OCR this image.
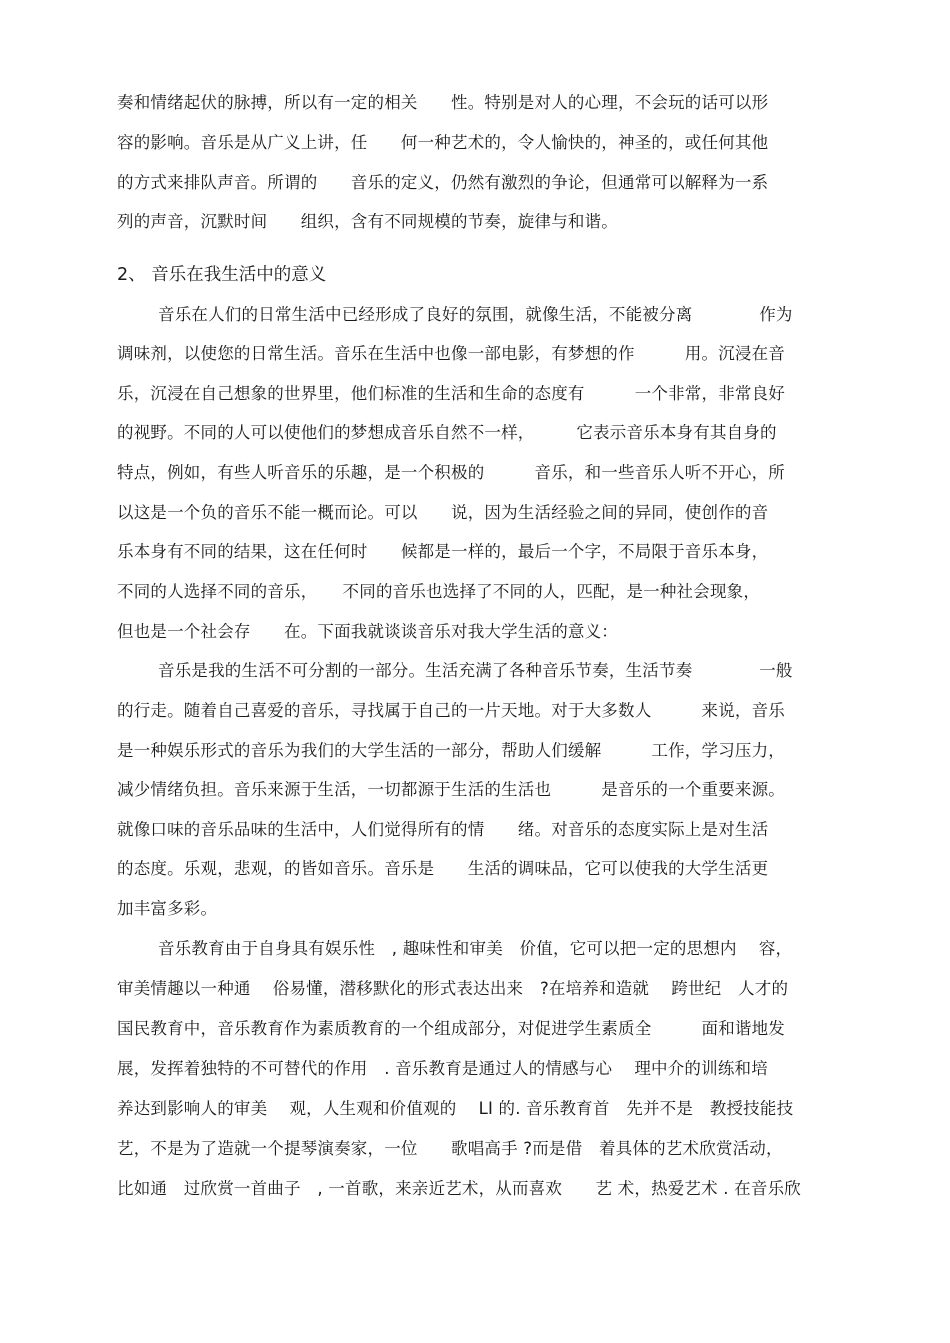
奏和情绪起伏的脉搏，所以有一定的相关　　性。特别是对人的心理，不会玩的话可以形
容的影响。音乐是从广义上讲，任　　何一种艺术的，令人愉快的，神圣的，或任何其他
的方式来排队声音。所谓的　　音乐的定义，仍然有激烈的争论，但通常可以解释为一系
列的声音，沉默时间　　组织，含有不同规模的节奏，旋律与和谐。
2、 音乐在我生活中的意义
音乐在人们的日常生活中已经形成了良好的氛围，就像生活，不能被分离　　　　作为
调味剂，以使您的日常生活。音乐在生活中也像一部电影，有梦想的作　　　用。沉浸在音
乐，沉浸在自己想象的世界里，他们标准的生活和生命的态度有　　　一个非常，非常良好
的视野。不同的人可以使他们的梦想成音乐自然不一样，　　　它表示音乐本身有其自身的
特点，例如，有些人听音乐的乐趣，是一个积极的　　　音乐，和一些音乐人听不开心，所
以这是一个负的音乐不能一概而论。可以　　说，因为生活经验之间的异同，使创作的音
乐本身有不同的结果，这在任何时　　候都是一样的，最后一个字，不局限于音乐本身，
不同的人选择不同的音乐，　　不同的音乐也选择了不同的人，匹配，是一种社会现象，
但也是一个社会存　　在。下面我就谈谈音乐对我大学生活的意义：
音乐是我的生活不可分割的一部分。生活充满了各种音乐节奏，生活节奏　　　　一般
的行走。随着自己喜爱的音乐，寻找属于自己的一片天地。对于大多数人　　　来说，音乐
是一种娱乐形式的音乐为我们的大学生活的一部分，帮助人们缓解　　　工作，学习压力，
减少情绪负担。音乐来源于生活，一切都源于生活的生活也　　　是音乐的一个重要来源。
就像口味的音乐品味的生活中，人们觉得所有的情　　绪。对音乐的态度实际上是对生活
的态度。乐观，悲观，的皆如音乐。音乐是　　生活的调味品，它可以使我的大学生活更
加丰富多彩。
音乐教育由于自身具有娱乐性　, 趣味性和审美　价值，它可以把一定的思想内　 容，
审美情趣以一种通　 俗易懂，潜移默化的形式表达出来　?在培养和造就　 跨世纪　人才的
国民教育中，音乐教育作为素质教育的一个组成部分，对促进学生素质全　　　面和谐地发
展，发挥着独特的不可替代的作用　. 音乐教育是通过人的情感与心　 理中介的训练和培
养达到影响人的审美　 观，人生观和价值观的　 LI 的. 音乐教育首　先并不是　教授技能技
艺，不是为了造就一个提琴演奏家，一位　　歌唱高手 ?而是借　着具体的艺术欣赏活动，
比如通　过欣赏一首曲子　, 一首歌，来亲近艺术，从而喜欢　　艺 术，热爱艺术 . 在音乐欣
